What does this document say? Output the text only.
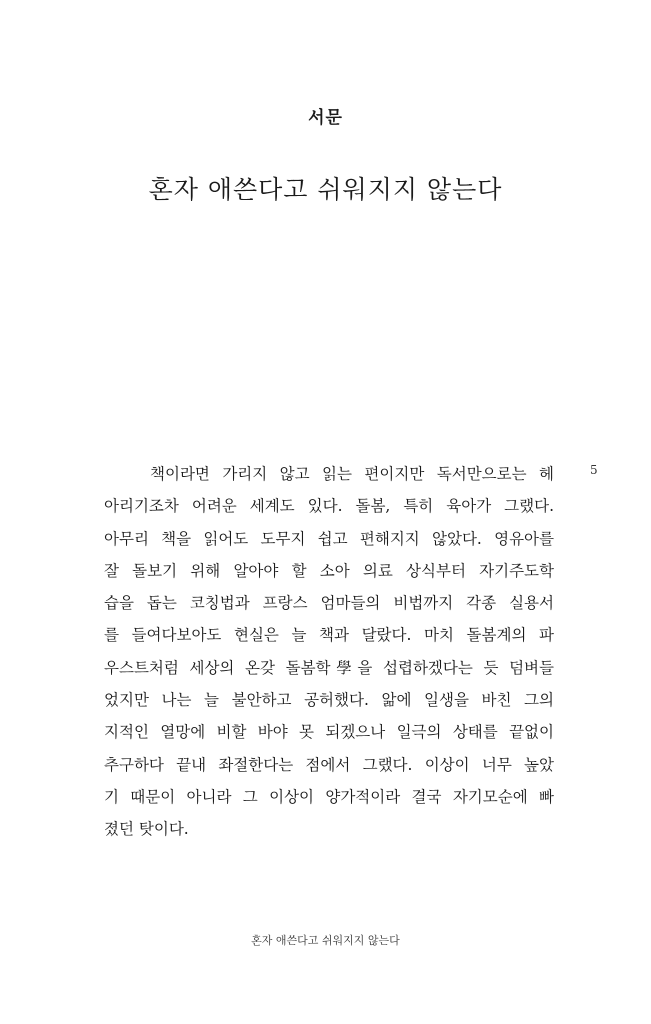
서문
혼자 애쓴다고 쉬워지지 않는다
책이라면 가리지 않고 읽는 편이지만 독서만으로는 헤
아리기조차 어려운 세계도 있다. 돌봄, 특히 육아가 그랬다.
아무리 책을 읽어도 도무지 쉽고 편해지지 않았다. 영유아를
잘 돌보기 위해 알아야 할 소아 의료 상식부터 자기주도학
습을 돕는 코칭법과 프랑스 엄마들의 비법까지 각종 실용서
를 들여다보아도 현실은 늘 책과 달랐다. 마치 돌봄계의 파
우스트처럼 세상의 온갖 돌봄학學을 섭렵하겠다는 듯 덤벼들
었지만 나는 늘 불안하고 공허했다. 앎에 일생을 바친 그의
지적인 열망에 비할 바야 못 되겠으나 일극의 상태를 끝없이
추구하다 끝내 좌절한다는 점에서 그랬다. 이상이 너무 높았
기 때문이 아니라 그 이상이 양가적이라 결국 자기모순에 빠
졌던 탓이다.
5
혼자 애쓴다고 쉬워지지 않는다
